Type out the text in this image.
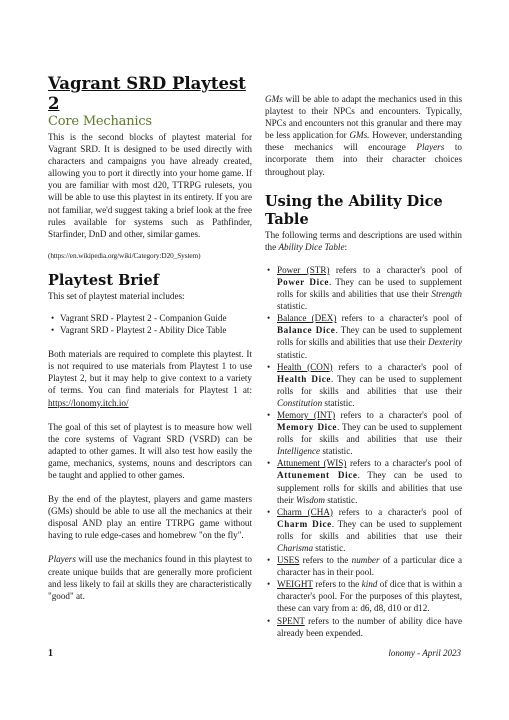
Vagrant SRD Playtest 2
Core Mechanics

This is the second blocks of playtest material for Vagrant SRD. It is designed to be used directly with characters and campaigns you have already created, allowing you to port it directly into your home game. If you are familiar with most d20, TTRPG rulesets, you will be able to use this playtest in its entirety. If you are not familiar, we'd suggest taking a brief look at the free rules available for systems such as Pathfinder, Starfinder, DnD and other, similar games.

(https://en.wikipedia.org/wiki/Category:D20_System)

Playtest Brief

This set of playtest material includes:

• Vagrant SRD - Playtest 2 - Companion Guide
• Vagrant SRD - Playtest 2 - Ability Dice Table

Both materials are required to complete this playtest. It is not required to use materials from Playtest 1 to use Playtest 2, but it may help to give context to a variety of terms. You can find materials for Playtest 1 at: https://lonomy.itch.io/

The goal of this set of playtest is to measure how well the core systems of Vagrant SRD (VSRD) can be adapted to other games. It will also test how easily the game, mechanics, systems, nouns and descriptors can be taught and applied to other games.

By the end of the playtest, players and game masters (GMs) should be able to use all the mechanics at their disposal AND play an entire TTRPG game without having to rule edge-cases and homebrew "on the fly".

Players will use the mechanics found in this playtest to create unique builds that are generally more proficient and less likely to fail at skills they are characteristically "good" at.

GMs will be able to adapt the mechanics used in this playtest to their NPCs and encounters. Typically, NPCs and encounters not this granular and there may be less application for GMs. However, understanding these mechanics will encourage Players to incorporate them into their character choices throughout play.

Using the Ability Dice Table

The following terms and descriptions are used within the Ability Dice Table:

• Power (STR) refers to a character's pool of Power Dice. They can be used to supplement rolls for skills and abilities that use their Strength statistic.
• Balance (DEX) refers to a character's pool of Balance Dice. They can be used to supplement rolls for skills and abilities that use their Dexterity statistic.
• Health (CON) refers to a character's pool of Health Dice. They can be used to supplement rolls for skills and abilities that use their Constitution statistic.
• Memory (INT) refers to a character's pool of Memory Dice. They can be used to supplement rolls for skills and abilities that use their Intelligence statistic.
• Attunement (WIS) refers to a character's pool of Attunement Dice. They can be used to supplement rolls for skills and abilities that use their Wisdom statistic.
• Charm (CHA) refers to a character's pool of Charm Dice. They can be used to supplement rolls for skills and abilities that use their Charisma statistic.
• USES refers to the number of a particular dice a character has in their pool.
• WEIGHT refers to the kind of dice that is within a character's pool. For the purposes of this playtest, these can vary from a: d6, d8, d10 or d12.
• SPENT refers to the number of ability dice have already been expended.
1	lonomy - April 2023
